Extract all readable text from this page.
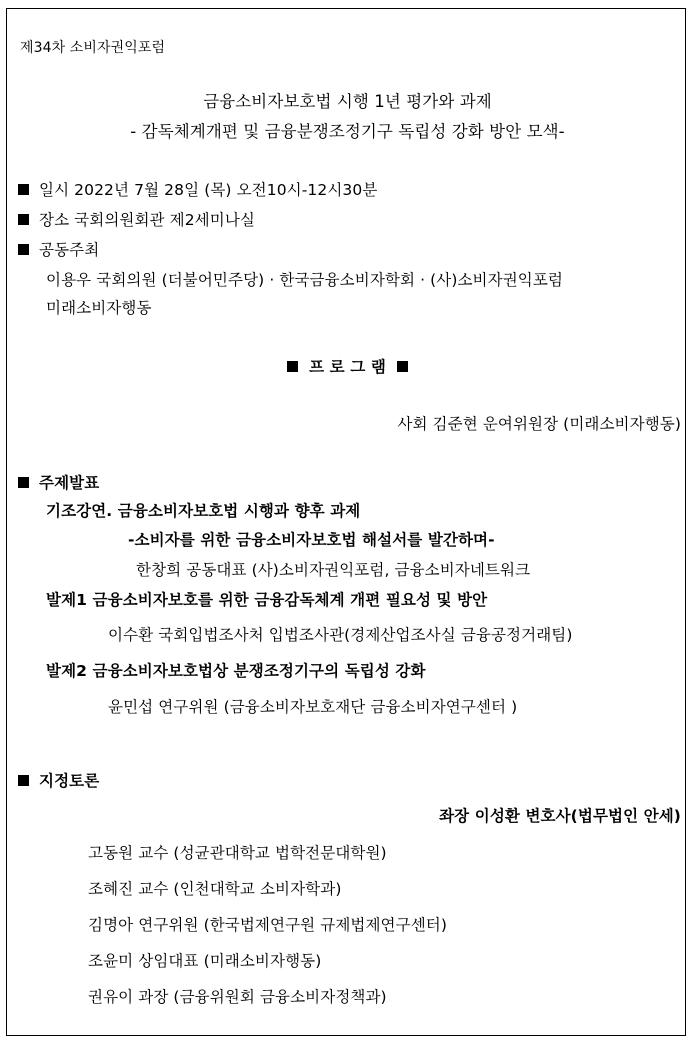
제34차 소비자권익포럼
금융소비자보호법 시행 1년 평가와 과제
- 감독체계개편 및 금융분쟁조정기구 독립성 강화 방안 모색-
일시 2022년 7월 28일 (목) 오전10시-12시30분
장소 국회의원회관 제2세미나실
공동주최
이용우 국회의원 (더불어민주당) · 한국금융소비자학회 · (사)소비자권익포럼
미래소비자행동
프 로 그 램
사회 김준현 운여위원장 (미래소비자행동)
주제발표
기조강연. 금융소비자보호법 시행과 향후 과제
-소비자를 위한 금융소비자보호법 해설서를 발간하며-
한창희 공동대표 (사)소비자권익포럼, 금융소비자네트워크
발제1 금융소비자보호를 위한 금융감독체계 개편 필요성 및 방안
이수환 국회입법조사처 입법조사관(경제산업조사실 금융공정거래팀)
발제2 금융소비자보호법상 분쟁조정기구의 독립성 강화
윤민섭 연구위원 (금융소비자보호재단 금융소비자연구센터 )
지정토론
좌장 이성환 변호사(법무법인 안세)
고동원 교수 (성균관대학교 법학전문대학원)
조혜진 교수 (인천대학교 소비자학과)
김명아 연구위원 (한국법제연구원 규제법제연구센터)
조윤미 상임대표 (미래소비자행동)
권유이 과장 (금융위원회 금융소비자정책과)
